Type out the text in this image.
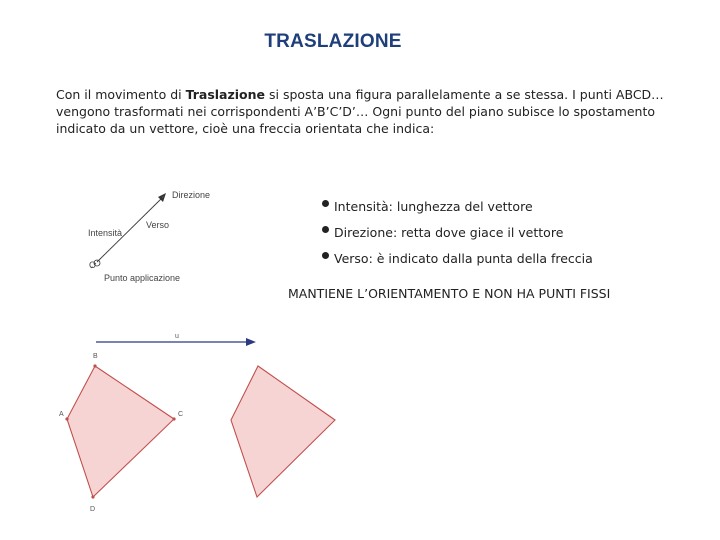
TRASLAZIONE
Con il movimento di Traslazione si sposta una figura parallelamente a se stessa. I punti ABCD… vengono trasformati nei corrispondenti A’B’C’D’… Ogni punto del piano subisce lo spostamento indicato da un vettore, cioè una freccia orientata che indica:
Intensità: lunghezza del vettore
Direzione: retta dove giace il vettore
Verso: è indicato dalla punta della freccia
MANTIENE L’ORIENTAMENTO E NON HA PUNTI FISSI
Direzione
Verso
Intensità
O
Punto applicazione
u
B
C
D
A
